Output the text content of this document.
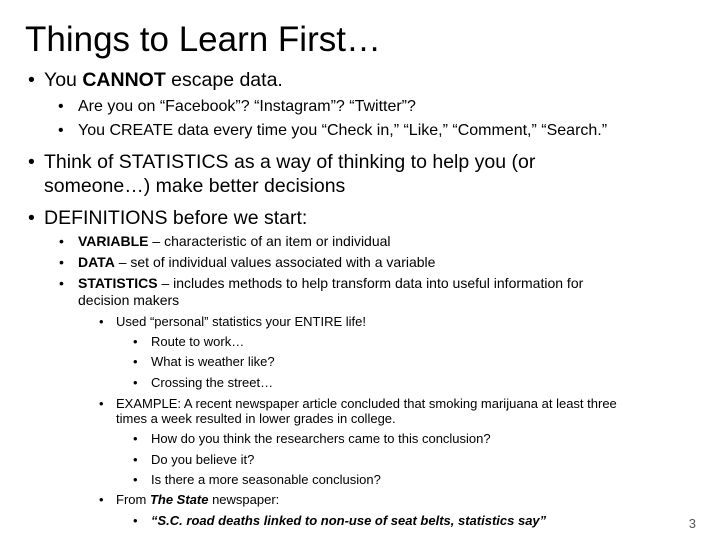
Things to Learn First…
• You CANNOT escape data.
• Are you on “Facebook”? “Instagram”? “Twitter”?
• You CREATE data every time you “Check in,” “Like,” “Comment,” “Search.”
• Think of STATISTICS as a way of thinking to help you (or
someone…) make better decisions
• DEFINITIONS before we start:
• VARIABLE – characteristic of an item or individual
• DATA – set of individual values associated with a variable
• STATISTICS – includes methods to help transform data into useful information for
decision makers
• Used “personal” statistics your ENTIRE life!
• Route to work…
• What is weather like?
• Crossing the street…
• EXAMPLE: A recent newspaper article concluded that smoking marijuana at least three
times a week resulted in lower grades in college.
• How do you think the researchers came to this conclusion?
• Do you believe it?
• Is there a more seasonable conclusion?
• From The State newspaper:
• “S.C. road deaths linked to non-use of seat belts, statistics say”	3
